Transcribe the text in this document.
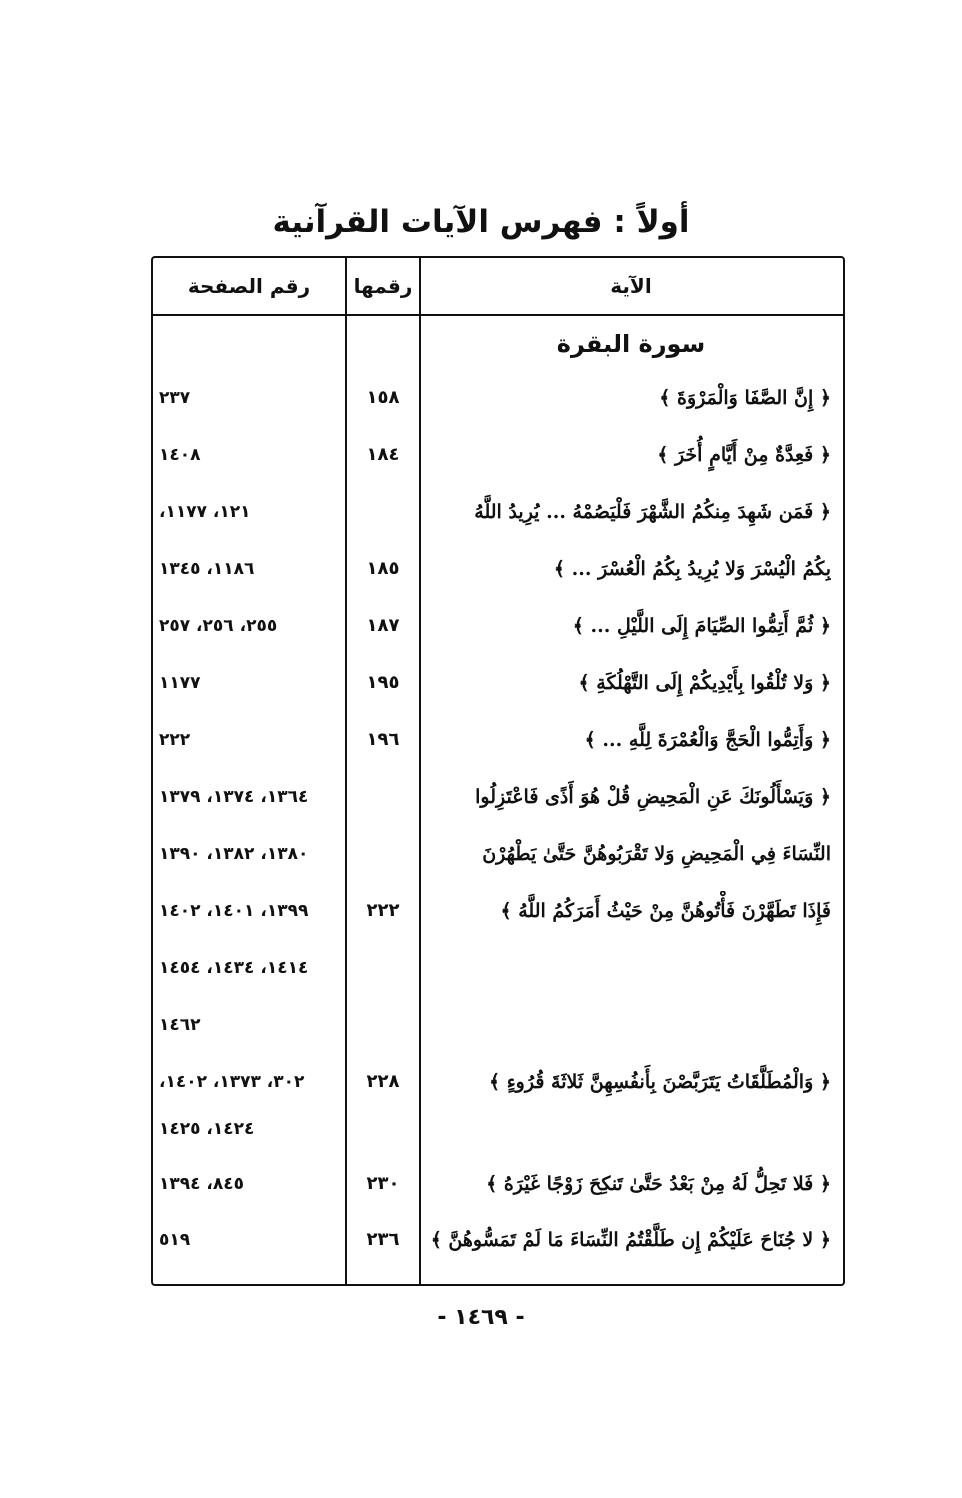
أولاً : فهرس الآيات القرآنية
الآية
رقمها
رقم الصفحة
سورة البقرة
﴿ إِنَّ الصَّفَا وَالْمَرْوَةَ ﴾
١٥٨
٢٣٧
﴿ فَعِدَّةٌ مِنْ أَيَّامٍ أُخَرَ ﴾
١٨٤
١٤٠٨
﴿ فَمَن شَهِدَ مِنكُمُ الشَّهْرَ فَلْيَصُمْهُ ... يُرِيدُ اللَّهُ
١٢١، ١١٧٧،
بِكُمُ الْيُسْرَ وَلا يُرِيدُ بِكُمُ الْعُسْرَ ... ﴾
١٨٥
١١٨٦، ١٣٤٥
﴿ ثُمَّ أَتِمُّوا الصِّيَامَ إِلَى اللَّيْلِ ... ﴾
١٨٧
٢٥٥، ٢٥٦، ٢٥٧
﴿ وَلا تُلْقُوا بِأَيْدِيكُمْ إِلَى التَّهْلُكَةِ ﴾
١٩٥
١١٧٧
﴿ وَأَتِمُّوا الْحَجَّ وَالْعُمْرَةَ لِلَّهِ ... ﴾
١٩٦
٢٢٢
﴿ وَيَسْأَلُونَكَ عَنِ الْمَحِيضِ قُلْ هُوَ أَذًى فَاعْتَزِلُوا
١٣٦٤، ١٣٧٤، ١٣٧٩
النِّسَاءَ فِي الْمَحِيضِ وَلا تَقْرَبُوهُنَّ حَتَّىٰ يَطْهُرْنَ
١٣٨٠، ١٣٨٢، ١٣٩٠
فَإِذَا تَطَهَّرْنَ فَأْتُوهُنَّ مِنْ حَيْثُ أَمَرَكُمُ اللَّهُ ﴾
٢٢٢
١٣٩٩، ١٤٠١، ١٤٠٢
١٤١٤، ١٤٣٤، ١٤٥٤
١٤٦٢
﴿ وَالْمُطَلَّقَاتُ يَتَرَبَّصْنَ بِأَنفُسِهِنَّ ثَلاثَةَ قُرُوءٍ ﴾
٢٢٨
٣٠٢، ١٣٧٣، ١٤٠٢،
١٤٢٤، ١٤٢٥
﴿ فَلا تَحِلُّ لَهُ مِنْ بَعْدُ حَتَّىٰ تَنكِحَ زَوْجًا غَيْرَهُ ﴾
٢٣٠
٨٤٥، ١٣٩٤
﴿ لا جُنَاحَ عَلَيْكُمْ إِن طَلَّقْتُمُ النِّسَاءَ مَا لَمْ تَمَسُّوهُنَّ ﴾
٢٣٦
٥١٩
- ١٤٦٩ -
